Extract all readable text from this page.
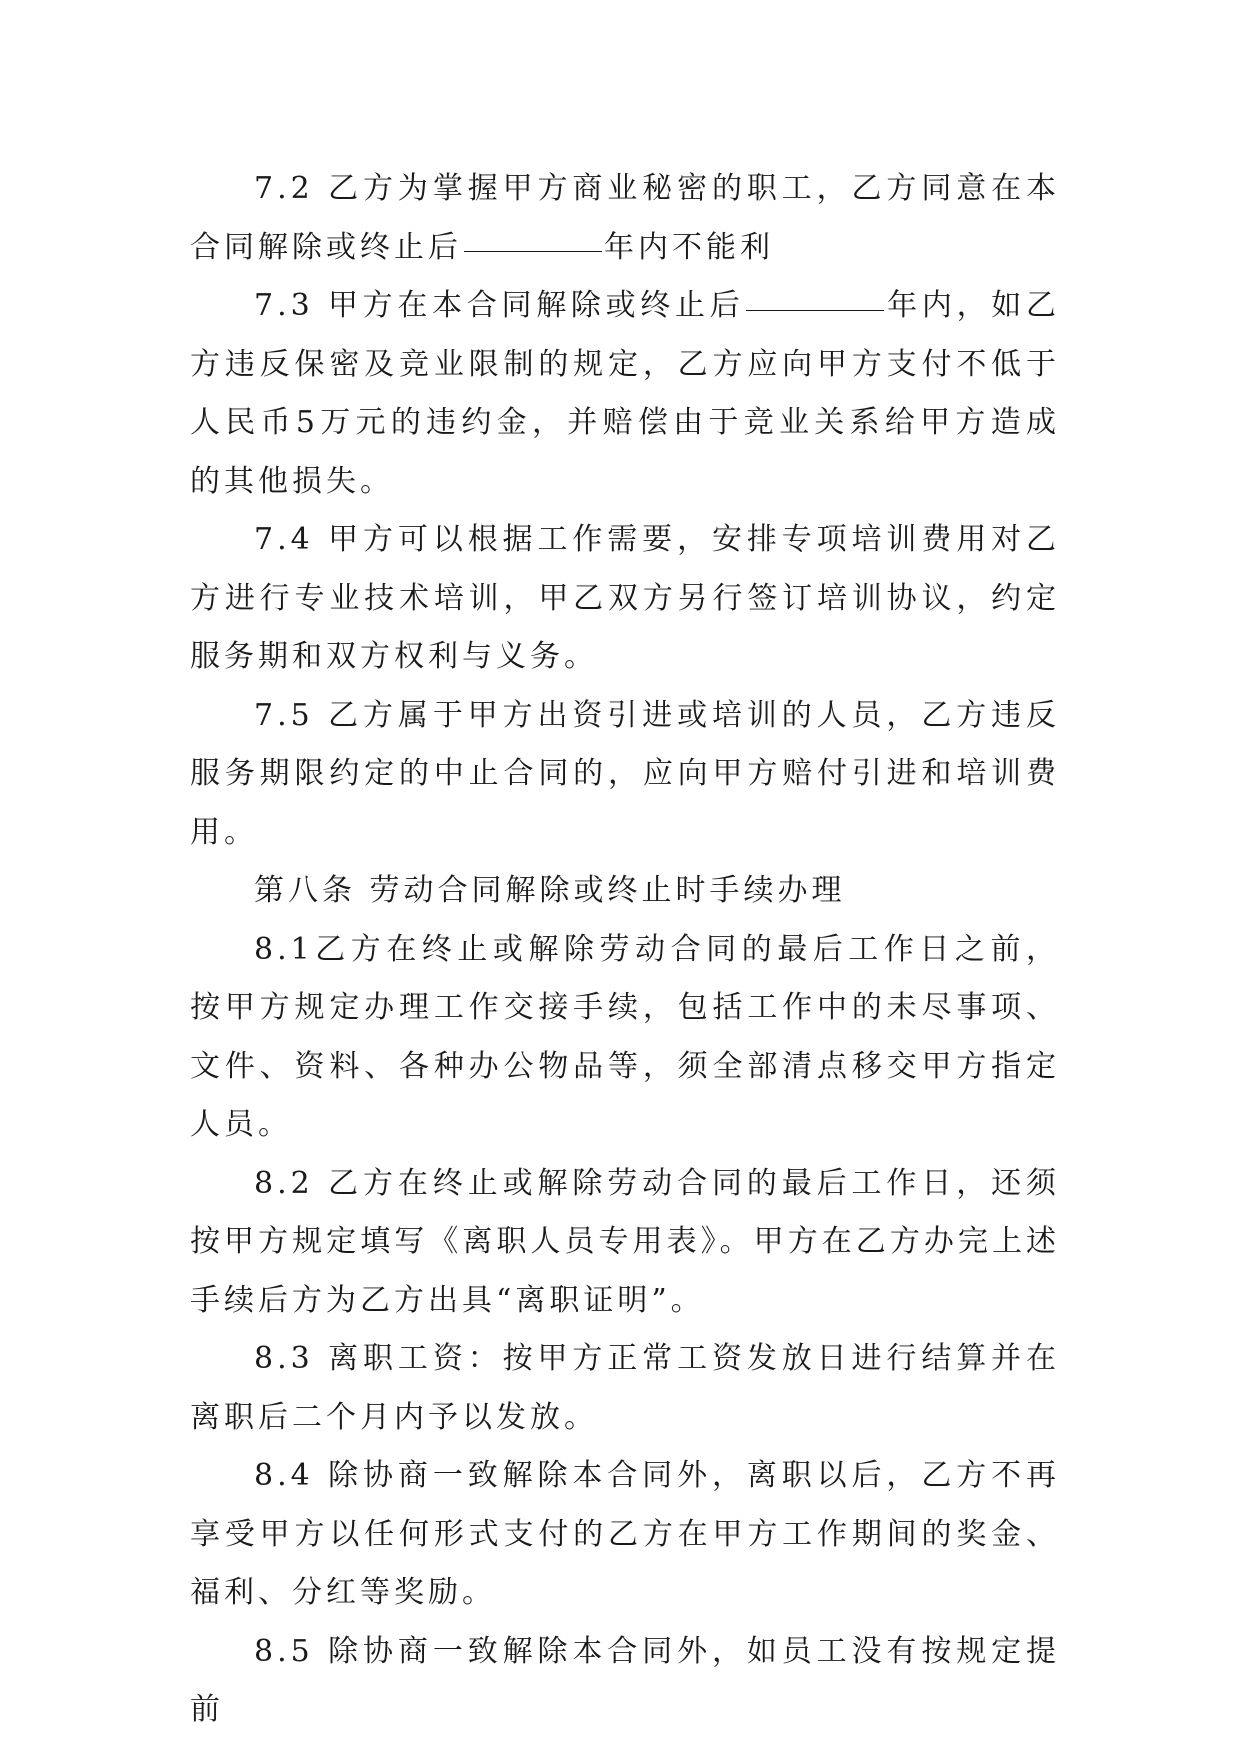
7.2 乙方为掌握甲方商业秘密的职工，乙方同意在本合同解除或终止后	年内不能利

7.3 甲方在本合同解除或终止后	年内，如乙方违反保密及竞业限制的规定，乙方应向甲方支付不低于人民币5万元的违约金，并赔偿由于竞业关系给甲方造成的其他损失。

7.4 甲方可以根据工作需要，安排专项培训费用对乙方进行专业技术培训，甲乙双方另行签订培训协议，约定服务期和双方权利与义务。

7.5 乙方属于甲方出资引进或培训的人员，乙方违反服务期限约定的中止合同的，应向甲方赔付引进和培训费用。

第八条 劳动合同解除或终止时手续办理

8.1乙方在终止或解除劳动合同的最后工作日之前，按甲方规定办理工作交接手续，包括工作中的未尽事项、文件、资料、各种办公物品等，须全部清点移交甲方指定人员。

8.2 乙方在终止或解除劳动合同的最后工作日，还须按甲方规定填写《离职人员专用表》。甲方在乙方办完上述手续后方为乙方出具“离职证明”。

8.3 离职工资：按甲方正常工资发放日进行结算并在离职后二个月内予以发放。

8.4 除协商一致解除本合同外，离职以后，乙方不再享受甲方以任何形式支付的乙方在甲方工作期间的奖金、福利、分红等奖励。

8.5 除协商一致解除本合同外，如员工没有按规定提前
